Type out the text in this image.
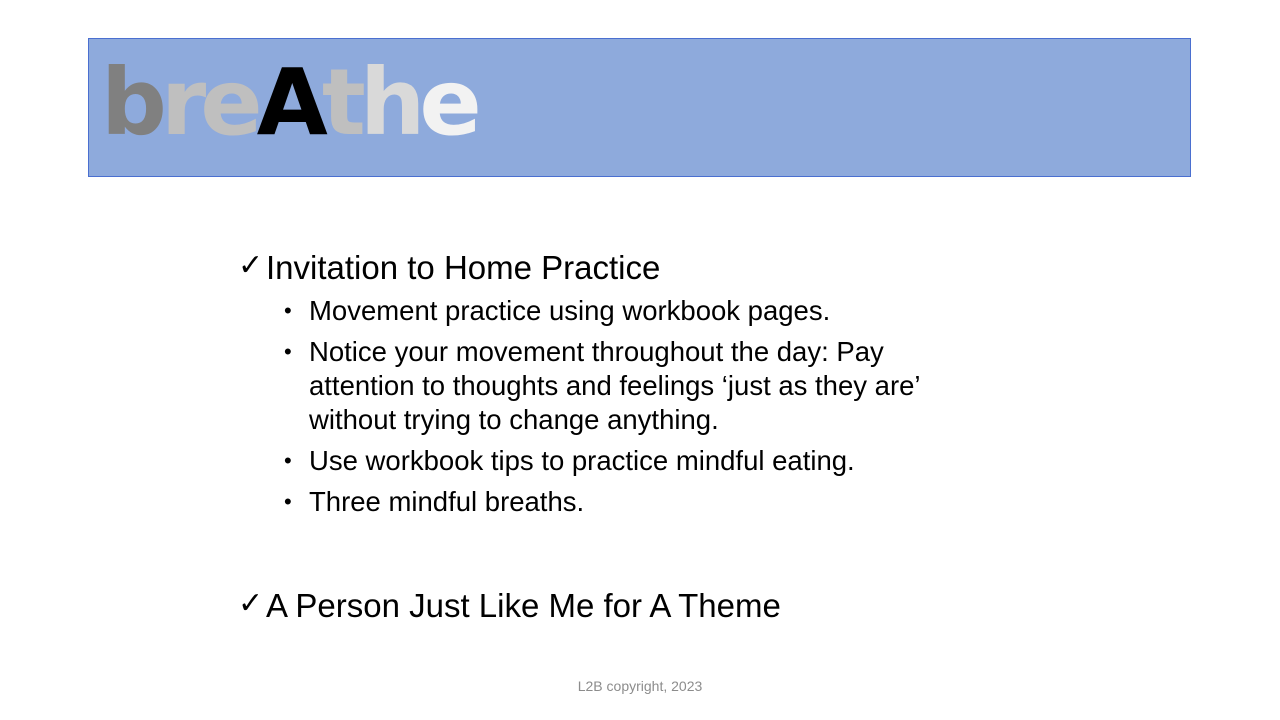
breAthe
✓ Invitation to Home Practice
• Movement practice using workbook pages.
• Notice your movement throughout the day: Pay attention to thoughts and feelings ‘just as they are’ without trying to change anything.
• Use workbook tips to practice mindful eating.
• Three mindful breaths.
✓ A Person Just Like Me for A Theme
L2B copyright, 2023
